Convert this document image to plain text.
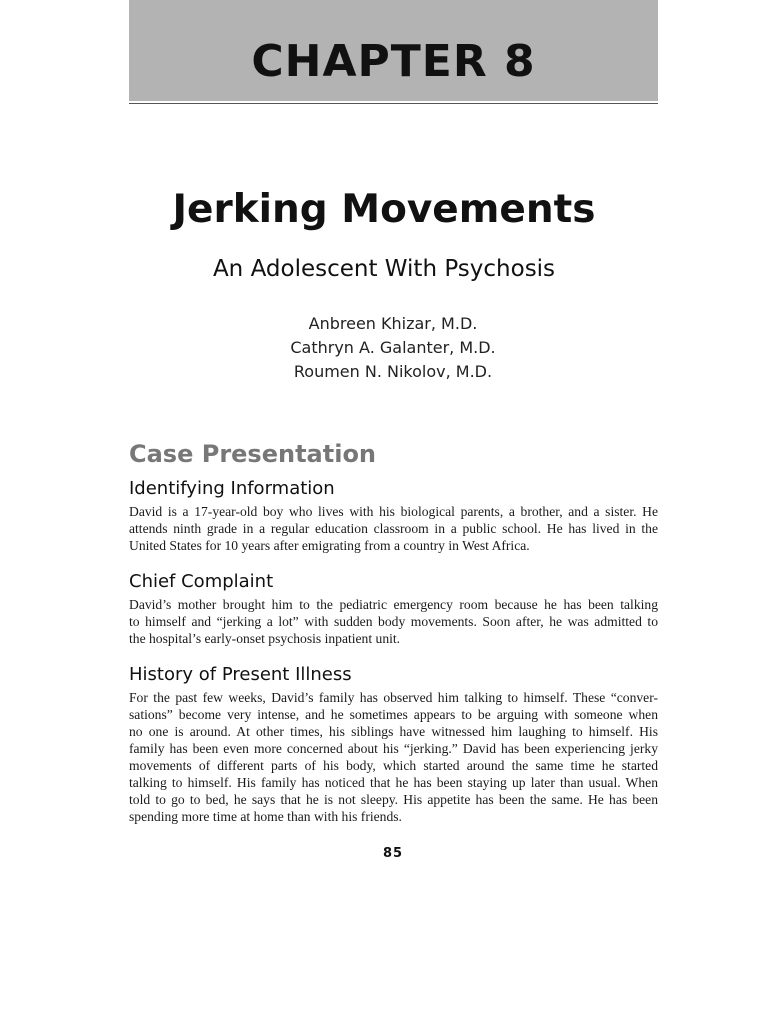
CHAPTER 8
Jerking Movements
An Adolescent With Psychosis
Anbreen Khizar, M.D.
Cathryn A. Galanter, M.D.
Roumen N. Nikolov, M.D.
Case Presentation
Identifying Information
David is a 17-year-old boy who lives with his biological parents, a brother, and a sister. He
attends ninth grade in a regular education classroom in a public school. He has lived in the
United States for 10 years after emigrating from a country in West Africa.
Chief Complaint
David’s mother brought him to the pediatric emergency room because he has been talking
to himself and “jerking a lot” with sudden body movements. Soon after, he was admitted to
the hospital’s early-onset psychosis inpatient unit.
History of Present Illness
For the past few weeks, David’s family has observed him talking to himself. These “conver-
sations” become very intense, and he sometimes appears to be arguing with someone when
no one is around. At other times, his siblings have witnessed him laughing to himself. His
family has been even more concerned about his “jerking.” David has been experiencing jerky
movements of different parts of his body, which started around the same time he started
talking to himself. His family has noticed that he has been staying up later than usual. When
told to go to bed, he says that he is not sleepy. His appetite has been the same. He has been
spending more time at home than with his friends.
85
